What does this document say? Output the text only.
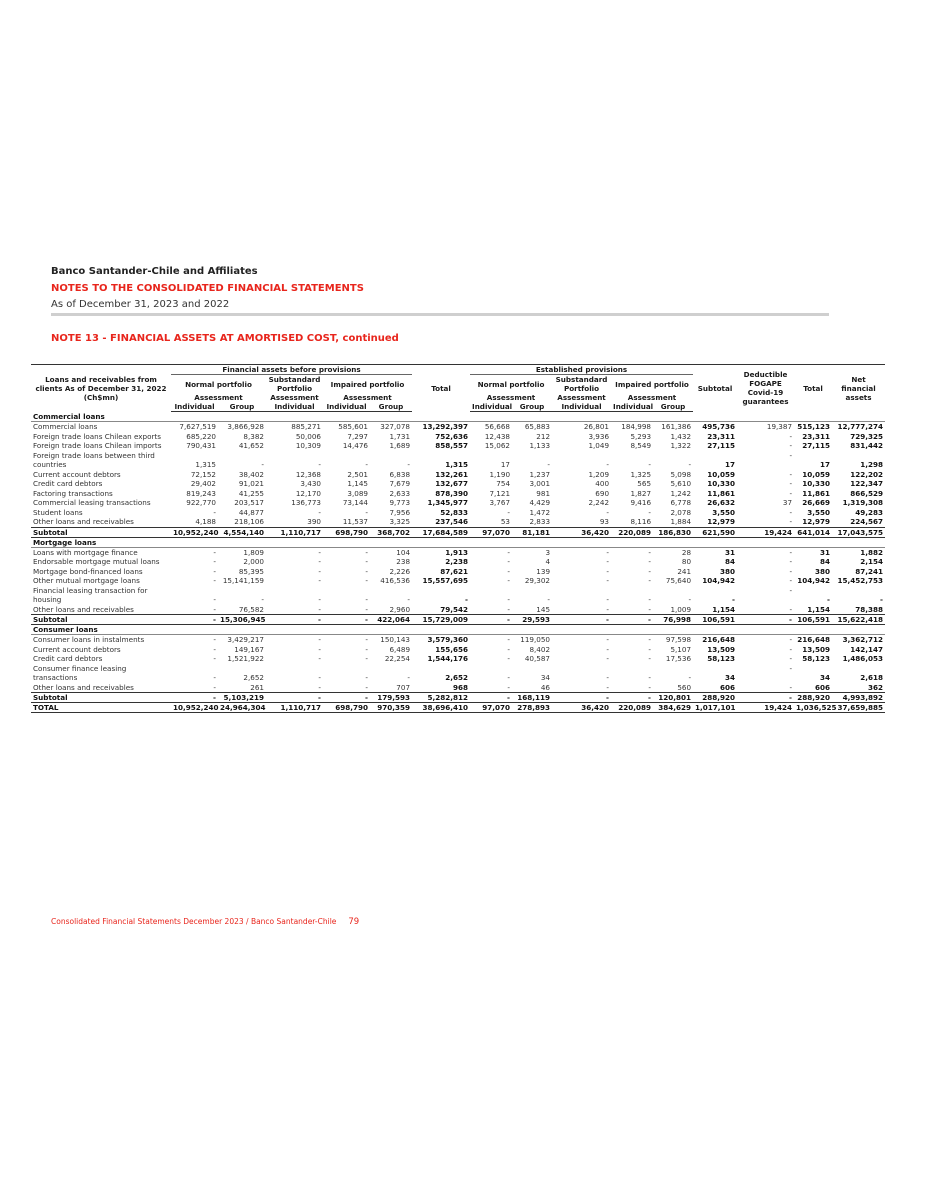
Banco Santander-Chile and Affiliates
NOTES TO THE CONSOLIDATED FINANCIAL STATEMENTS
As of December 31, 2023 and 2022
NOTE 13 - FINANCIAL ASSETS AT AMORTISED COST, continued
Loans and receivables from clients As of December 31, 2022 (Ch$mn)	Financial assets before provisions					Total	Established provisions					Subtotal	Deductible FOGAPE Covid-19 guarantees	Total	Net financial assets
	Normal portfolio		Substandard Portfolio	Impaired portfolio			Normal portfolio		Substandard Portfolio	Impaired portfolio					
	Assessment		Assessment	Assessment			Assessment		Assessment	Assessment					
	Individual	Group	Individual	Individual	Group		Individual	Group	Individual	Individual	Group				
Commercial loans															
Commercial loans	7,627,519	3,866,928	885,271	585,601	327,078	13,292,397	56,668	65,883	26,801	184,998	161,386	495,736	19,387	515,123	12,777,274
Foreign trade loans Chilean exports	685,220	8,382	50,006	7,297	1,731	752,636	12,438	212	3,936	5,293	1,432	23,311	-	23,311	729,325
Foreign trade loans Chilean imports	790,431	41,652	10,309	14,476	1,689	858,557	15,062	1,133	1,049	8,549	1,322	27,115	-	27,115	831,442
Foreign trade loans between third													-		
countries	1,315	-	-	-	-	1,315	17	-	-	-	-	17		17	1,298
Current account debtors	72,152	38,402	12,368	2,501	6,838	132,261	1,190	1,237	1,209	1,325	5,098	10,059	-	10,059	122,202
Credit card debtors	29,402	91,021	3,430	1,145	7,679	132,677	754	3,001	400	565	5,610	10,330	-	10,330	122,347
Factoring transactions	819,243	41,255	12,170	3,089	2,633	878,390	7,121	981	690	1,827	1,242	11,861	-	11,861	866,529
Commercial leasing transactions	922,770	203,517	136,773	73,144	9,773	1,345,977	3,767	4,429	2,242	9,416	6,778	26,632	37	26,669	1,319,308
Student loans	-	44,877	-	-	7,956	52,833	-	1,472	-	-	2,078	3,550	-	3,550	49,283
Other loans and receivables	4,188	218,106	390	11,537	3,325	237,546	53	2,833	93	8,116	1,884	12,979	-	12,979	224,567
Subtotal	10,952,240	4,554,140	1,110,717	698,790	368,702	17,684,589	97,070	81,181	36,420	220,089	186,830	621,590	19,424	641,014	17,043,575
Mortgage loans															
Loans with mortgage finance	-	1,809	-	-	104	1,913	-	3	-	-	28	31	-	31	1,882
Endorsable mortgage mutual loans	-	2,000	-	-	238	2,238	-	4	-	-	80	84	-	84	2,154
Mortgage bond-financed loans	-	85,395	-	-	2,226	87,621	-	139	-	-	241	380	-	380	87,241
Other mutual mortgage loans	-	15,141,159	-	-	416,536	15,557,695	-	29,302	-	-	75,640	104,942	-	104,942	15,452,753
Financial leasing transaction for													-		
housing	-	-	-	-	-	-	-	-	-	-	-	-		-	-
Other loans and receivables	-	76,582	-	-	2,960	79,542	-	145	-	-	1,009	1,154	-	1,154	78,388
Subtotal	-	15,306,945	-	-	422,064	15,729,009	-	29,593	-	-	76,998	106,591	-	106,591	15,622,418
Consumer loans															
Consumer loans in instalments	-	3,429,217	-	-	150,143	3,579,360	-	119,050	-	-	97,598	216,648	-	216,648	3,362,712
Current account debtors	-	149,167	-	-	6,489	155,656	-	8,402	-	-	5,107	13,509	-	13,509	142,147
Credit card debtors	-	1,521,922	-	-	22,254	1,544,176	-	40,587	-	-	17,536	58,123	-	58,123	1,486,053
Consumer finance leasing													-		
transactions	-	2,652	-	-	-	2,652	-	34	-	-	-	34		34	2,618
Other loans and receivables	-	261	-	-	707	968	-	46	-	-	560	606	-	606	362
Subtotal	-	5,103,219	-	-	179,593	5,282,812	-	168,119	-	-	120,801	288,920	-	288,920	4,993,892
TOTAL	10,952,240	24,964,304	1,110,717	698,790	970,359	38,696,410	97,070	278,893	36,420	220,089	384,629	1,017,101	19,424	1,036,525	37,659,885
Consolidated Financial Statements December 2023 / Banco Santander-Chile 79
